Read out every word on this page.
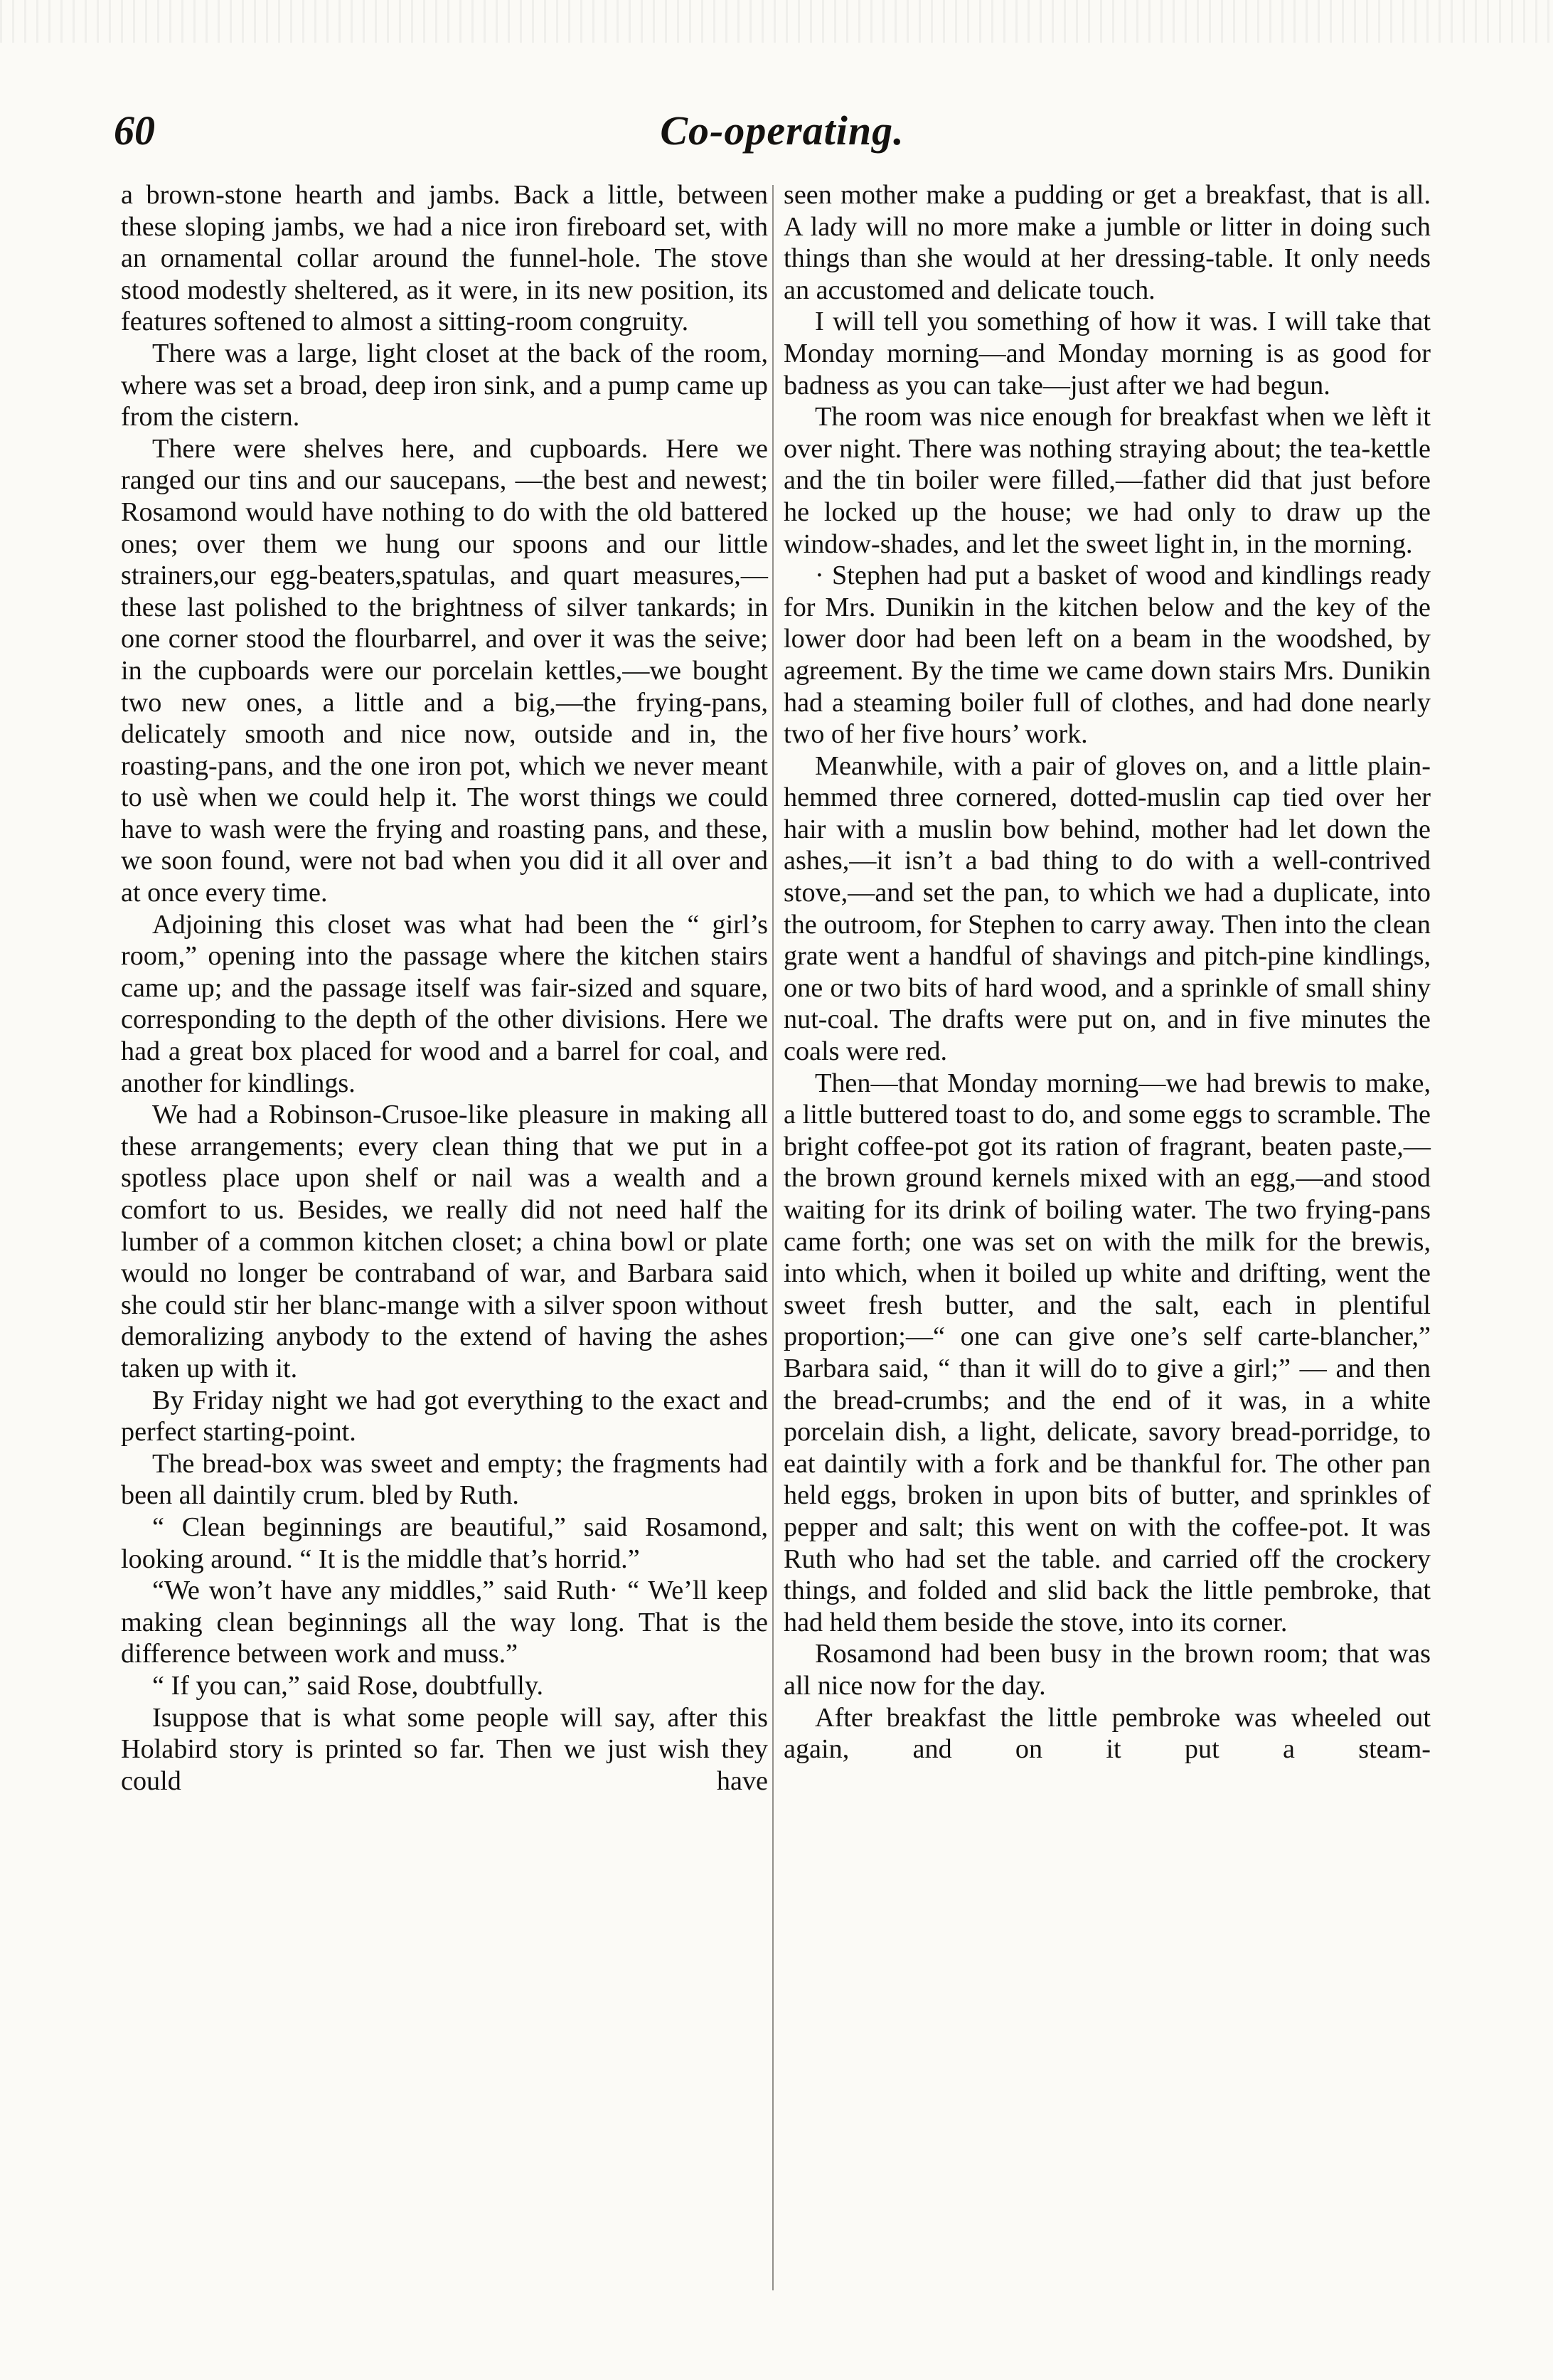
60	Co-operating.

a brown-stone hearth and jambs. Back a little, between these sloping jambs, we had a nice iron fireboard set, with an ornamental collar around the funnel-hole. The stove stood modestly sheltered, as it were, in its new position, its features softened to almost a sitting-room congruity.

There was a large, light closet at the back of the room, where was set a broad, deep iron sink, and a pump came up from the cistern.

There were shelves here, and cupboards. Here we ranged our tins and our saucepans, —the best and newest; Rosamond would have nothing to do with the old battered ones; over them we hung our spoons and our little strainers,our egg-beaters,spatulas, and quart measures,—these last polished to the brightness of silver tankards; in one corner stood the flourbarrel, and over it was the seive; in the cupboards were our porcelain kettles,—we bought two new ones, a little and a big,—the frying-pans, delicately smooth and nice now, outside and in, the roasting-pans, and the one iron pot, which we never meant to usè when we could help it. The worst things we could have to wash were the frying and roasting pans, and these, we soon found, were not bad when you did it all over and at once every time.

Adjoining this closet was what had been the “ girl’s room,” opening into the passage where the kitchen stairs came up; and the passage itself was fair-sized and square, corresponding to the depth of the other divisions. Here we had a great box placed for wood and a barrel for coal, and another for kindlings.

We had a Robinson-Crusoe-like pleasure in making all these arrangements; every clean thing that we put in a spotless place upon shelf or nail was a wealth and a comfort to us. Besides, we really did not need half the lumber of a common kitchen closet; a china bowl or plate would no longer be contraband of war, and Barbara said she could stir her blanc-mange with a silver spoon without demoralizing anybody to the extend of having the ashes taken up with it.

By Friday night we had got everything to the exact and perfect starting-point.

The bread-box was sweet and empty; the fragments had been all daintily crum. bled by Ruth.

“ Clean beginnings are beautiful,” said Rosamond, looking around. “ It is the middle that’s horrid.”

“We won’t have any middles,” said Ruth· “ We’ll keep making clean beginnings all the way long. That is the difference between work and muss.”

“ If you can,” said Rose, doubtfully.

Isuppose that is what some people will say, after this Holabird story is printed so far. Then we just wish they could have

seen mother make a pudding or get a breakfast, that is all. A lady will no more make a jumble or litter in doing such things than she would at her dressing-table. It only needs an accustomed and delicate touch.

I will tell you something of how it was. I will take that Monday morning—and Monday morning is as good for badness as you can take—just after we had begun.

The room was nice enough for breakfast when we lèft it over night. There was nothing straying about; the tea-kettle and the tin boiler were filled,—father did that just before he locked up the house; we had only to draw up the window-shades, and let the sweet light in, in the morning.

· Stephen had put a basket of wood and kindlings ready for Mrs. Dunikin in the kitchen below and the key of the lower door had been left on a beam in the woodshed, by agreement. By the time we came down stairs Mrs. Dunikin had a steaming boiler full of clothes, and had done nearly two of her five hours’ work.

Meanwhile, with a pair of gloves on, and a little plain-hemmed three cornered, dotted-muslin cap tied over her hair with a muslin bow behind, mother had let down the ashes,—it isn’t a bad thing to do with a well-contrived stove,—and set the pan, to which we had a duplicate, into the outroom, for Stephen to carry away. Then into the clean grate went a handful of shavings and pitch-pine kindlings, one or two bits of hard wood, and a sprinkle of small shiny nut-coal. The drafts were put on, and in five minutes the coals were red.

Then—that Monday morning—we had brewis to make, a little buttered toast to do, and some eggs to scramble. The bright coffee-pot got its ration of fragrant, beaten paste,—the brown ground kernels mixed with an egg,—and stood waiting for its drink of boiling water. The two frying-pans came forth; one was set on with the milk for the brewis, into which, when it boiled up white and drifting, went the sweet fresh butter, and the salt, each in plentiful proportion;—“ one can give one’s self carte-blancher,” Barbara said, “ than it will do to give a girl;” — and then the bread-crumbs; and the end of it was, in a white porcelain dish, a light, delicate, savory bread-porridge, to eat daintily with a fork and be thankful for. The other pan held eggs, broken in upon bits of butter, and sprinkles of pepper and salt; this went on with the coffee-pot. It was Ruth who had set the table. and carried off the crockery things, and folded and slid back the little pembroke, that had held them beside the stove, into its corner.

Rosamond had been busy in the brown room; that was all nice now for the day.

After breakfast the little pembroke was wheeled out again, and on it put a steam-
